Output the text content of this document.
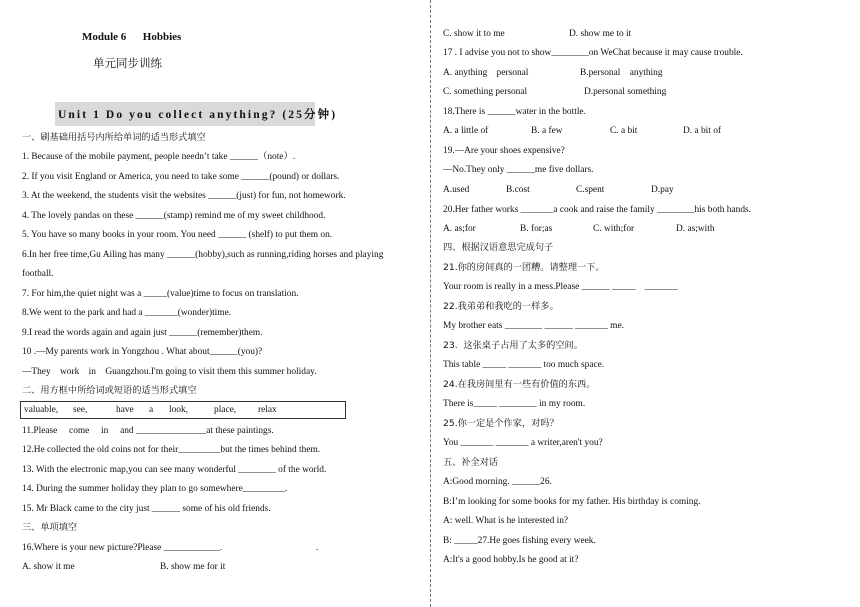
Module 6      Hobbies
单元同步训练
Unit 1 Do you collect anything? (25分钟)
一、刷基础用括号内所给单词的适当形式填空
1. Because of the mobile payment, people needn’t take ______（note）.
2. If you visit England or America, you need to take some ______(pound) or dollars.
3. At the weekend, the students visit the websites ______(just) for fun, not homework.
4. The lovely pandas on these ______(stamp) remind me of my sweet childhood.
5. You have so many books in your room. You need ______ (shelf) to put them on.
6.In her free time,Gu Ailing has many ______(hobby),such as running,riding horses and playing
football.
7. For him,the quiet night was a _____(value)time to focus on translation.
8.We went to the park and had a _______(wonder)time.
9.I read the words again and again just ______(remember)them.
10 .—My parents work in Yongzhou . What about______(you)?
—They    work    in    Guangzhou.I'm going to visit them this summer holiday.
二、用方框中所给词或短语的适当形式填空
valuable, see,	have a look,	place, relax
11.Please     come     in     and _______________at these paintings.
12.He collected the old coins not for their_________but the times behind them.
13. With the electronic map,you can see many wonderful ________ of the world.
14. During the summer holiday they plan to go somewhere_________.
15. Mr Black came to the city just ______ some of his old friends.
三、单项填空
16.Where is your new picture?Please ____________.	.
A. show it me	B. show me for it
C. show it to me	D. show me to it
17 . I advise you not to show________on WeChat because it may cause trouble.
A. anything    personal	B.personal    anything
C. something personal	D.personal something
18.There is ______water in the bottle.
A. a little of	B. a few	C. a bit	D. a bit of
19.—Are your shoes expensive?
—No.They only ______me five dollars.
A.used	B.cost	C.spent	D.pay
20.Her father works _______a cook and raise the family ________his both hands.
A. as;for	B. for;as	C. with;for	D. as;with
四、根据汉语意思完成句子
21.你的房间真的一团糟。请整理一下。
Your room is really in a mess.Please ______ _____    _______
22.我弟弟和我吃的一样多。
My brother eats ________ ______ _______ me.
23.  这张桌子占用了太多的空间。
This table _____ _______ too much space.
24.在我房间里有一些有价值的东西。
There is_____ ________ in my room.
25.你一定是个作家，对吗？
You _______ _______ a writer,aren't you?
五、补全对话
A:Good morning. ______26.
B:I’m looking for some books for my father. His birthday is coming.
A: well. What is he interested in?
B: _____27.He goes fishing every week.
A:It's a good hobby.Is he good at it?
